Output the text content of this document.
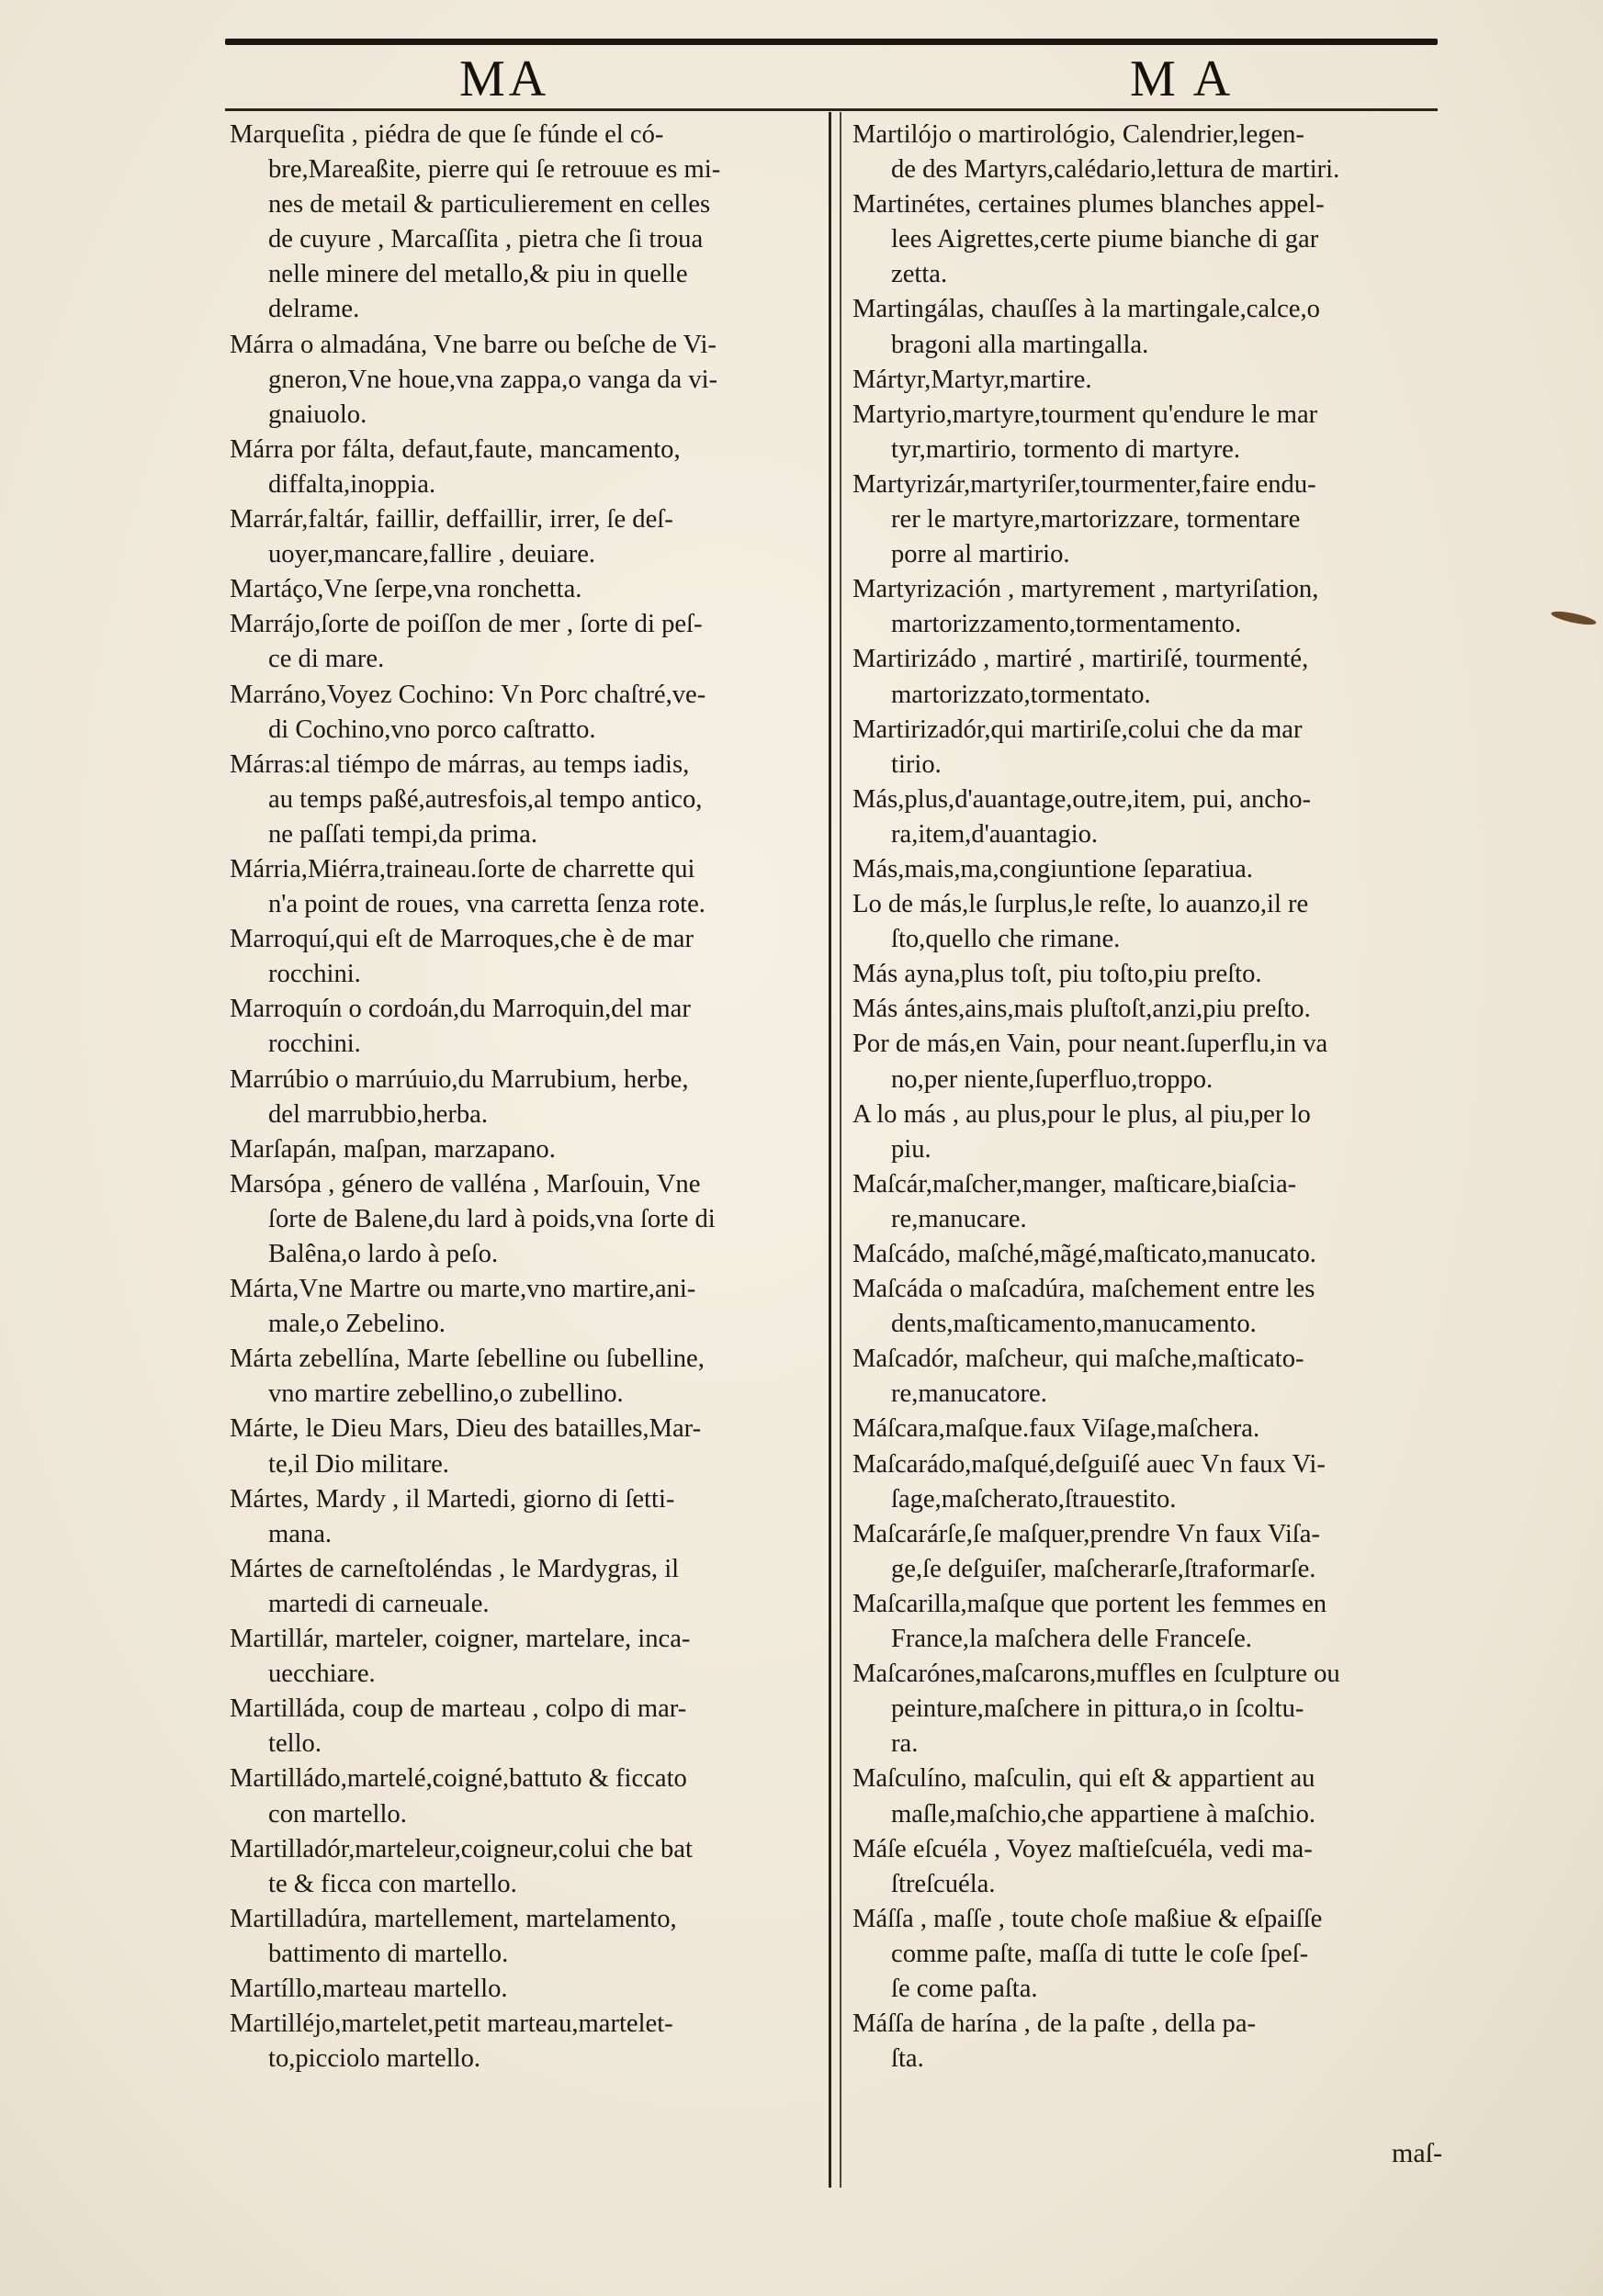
MA	M A

Marqueſita , piédra de que ſe fúnde el có-
bre,Mareaßite, pierre qui ſe retrouue es mi-
nes de metail & particulierement en celles
de cuyure , Marcaſſita , pietra che ſi troua
nelle minere del metallo,& piu in quelle
delrame.

Márra o almadána, Vne barre ou beſche de Vi-
gneron,Vne houe,vna zappa,o vanga da vi-
gnaiuolo.

Márra por fálta, defaut,faute, mancamento,
diffalta,inoppia.

Marrár,faltár, faillir, deffaillir, irrer, ſe deſ-
uoyer,mancare,fallire , deuiare.

Martáço,Vne ſerpe,vna ronchetta.

Marrájo,ſorte de poiſſon de mer , ſorte di peſ-
ce di mare.

Marráno,Voyez Cochino: Vn Porc chaſtré,ve-
di Cochino,vno porco caſtratto.

Márras:al tiémpo de márras, au temps iadis,
au temps paßé,autresfois,al tempo antico,
ne paſſati tempi,da prima.

Márria,Miérra,traineau.ſorte de charrette qui
n'a point de roues, vna carretta ſenza rote.

Marroquí,qui eſt de Marroques,che è de mar
rocchini.

Marroquín o cordoán,du Marroquin,del mar
rocchini.

Marrúbio o marrúuio,du Marrubium, herbe,
del marrubbio,herba.

Marſapán, maſpan, marzapano.

Marsópa , género de valléna , Marſouin, Vne
ſorte de Balene,du lard à poids,vna ſorte di
Balêna,o lardo à peſo.

Márta,Vne Martre ou marte,vno martire,ani-
male,o Zebelino.

Márta zebellína, Marte ſebelline ou ſubelline,
vno martire zebellino,o zubellino.

Márte, le Dieu Mars, Dieu des batailles,Mar-
te,il Dio militare.

Mártes, Mardy , il Martedi, giorno di ſetti-
mana.

Mártes de carneſtoléndas , le Mardygras, il
martedi di carneuale.

Martillár, marteler, coigner, martelare, inca-
uecchiare.

Martilláda, coup de marteau , colpo di mar-
tello.

Martilládo,martelé,coigné,battuto & ficcato
con martello.

Martilladór,marteleur,coigneur,colui che bat
te & ficca con martello.

Martilladúra, martellement, martelamento,
battimento di martello.

Martíllo,marteau martello.

Martilléjo,martelet,petit marteau,martelet-
to,picciolo martello.

Martilójo o martirológio, Calendrier,legen-
de des Martyrs,calédario,lettura de martiri.

Martinétes, certaines plumes blanches appel-
lees Aigrettes,certe piume bianche di gar
zetta.

Martingálas, chauſſes à la martingale,calce,o
bragoni alla martingalla.

Mártyr,Martyr,martire.

Martyrio,martyre,tourment qu'endure le mar
tyr,martirio, tormento di martyre.

Martyrizár,martyriſer,tourmenter,faire endu-
rer le martyre,martorizzare, tormentare
porre al martirio.

Martyrización , martyrement , martyriſation,
martorizzamento,tormentamento.

Martirizádo , martiré , martiriſé, tourmenté,
martorizzato,tormentato.

Martirizadór,qui martiriſe,colui che da mar
tirio.

Más,plus,d'auantage,outre,item, pui, ancho-
ra,item,d'auantagio.

Más,mais,ma,congiuntione ſeparatiua.

Lo de más,le ſurplus,le reſte, lo auanzo,il re
ſto,quello che rimane.

Más ayna,plus toſt, piu toſto,piu preſto.

Más ántes,ains,mais pluſtoſt,anzi,piu preſto.

Por de más,en Vain, pour neant.ſuperflu,in va
no,per niente,ſuperfluo,troppo.

A lo más , au plus,pour le plus, al piu,per lo
piu.

Maſcár,maſcher,manger, maſticare,biaſcia-
re,manucare.

Maſcádo, maſché,mãgé,maſticato,manucato.

Maſcáda o maſcadúra, maſchement entre les
dents,maſticamento,manucamento.

Maſcadór, maſcheur, qui maſche,maſticato-
re,manucatore.

Máſcara,maſque.faux Viſage,maſchera.

Maſcarádo,maſqué,deſguiſé auec Vn faux Vi-
ſage,maſcherato,ſtrauestito.

Maſcarárſe,ſe maſquer,prendre Vn faux Viſa-
ge,ſe deſguiſer, maſcherarſe,ſtraformarſe.

Maſcarilla,maſque que portent les femmes en
France,la maſchera delle Franceſe.

Maſcarónes,maſcarons,muffles en ſculpture ou
peinture,maſchere in pittura,o in ſcoltu-
ra.

Maſculíno, maſculin, qui eſt & appartient au
maſle,maſchio,che appartiene à maſchio.

Máſe eſcuéla , Voyez maſtieſcuéla, vedi ma-
ſtreſcuéla.

Máſſa , maſſe , toute choſe maßiue & eſpaiſſe
comme paſte, maſſa di tutte le coſe ſpeſ-
ſe come paſta.

Máſſa de harína , de la paſte , della pa-
ſta.

maſ-
